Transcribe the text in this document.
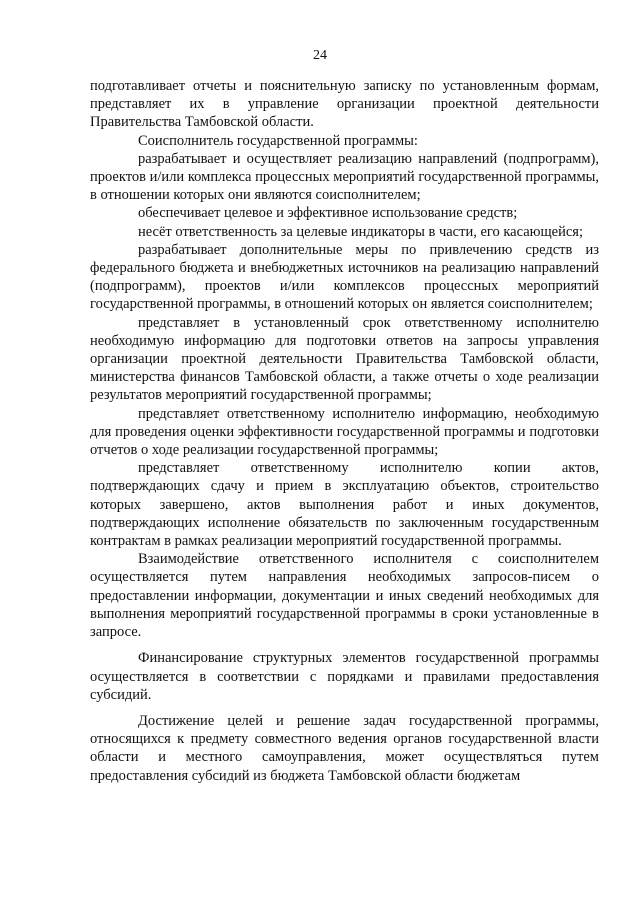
24

подготавливает отчеты и пояснительную записку по установленным формам, представляет их в управление организации проектной деятельности Правительства Тамбовской области.

Соисполнитель государственной программы:

разрабатывает и осуществляет реализацию направлений (подпрограмм), проектов и/или комплекса процессных мероприятий государственной программы, в отношении которых они являются соисполнителем;

обеспечивает целевое и эффективное использование средств;

несёт ответственность за целевые индикаторы в части, его касающейся;

разрабатывает дополнительные меры по привлечению средств из федерального бюджета и внебюджетных источников на реализацию направлений (подпрограмм), проектов и/или комплексов процессных мероприятий государственной программы, в отношений которых он является соисполнителем;

представляет в установленный срок ответственному исполнителю необходимую информацию для подготовки ответов на запросы управления организации проектной деятельности Правительства Тамбовской области, министерства финансов Тамбовской области, а также отчеты о ходе реализации результатов мероприятий государственной программы;

представляет ответственному исполнителю информацию, необходимую для проведения оценки эффективности государственной программы и подготовки отчетов о ходе реализации государственной программы;

представляет ответственному исполнителю копии актов, подтверждающих сдачу и прием в эксплуатацию объектов, строительство которых завершено, актов выполнения работ и иных документов, подтверждающих исполнение обязательств по заключенным государственным контрактам в рамках реализации мероприятий государственной программы.

Взаимодействие ответственного исполнителя с соисполнителем осуществляется путем направления необходимых запросов-писем о предоставлении информации, документации и иных сведений необходимых для выполнения мероприятий государственной программы в сроки установленные в запросе.

Финансирование структурных элементов государственной программы осуществляется в соответствии с порядками и правилами предоставления субсидий.

Достижение целей и решение задач государственной программы, относящихся к предмету совместного ведения органов государственной власти области и местного самоуправления, может осуществляться путем предоставления субсидий из бюджета Тамбовской области бюджетам
